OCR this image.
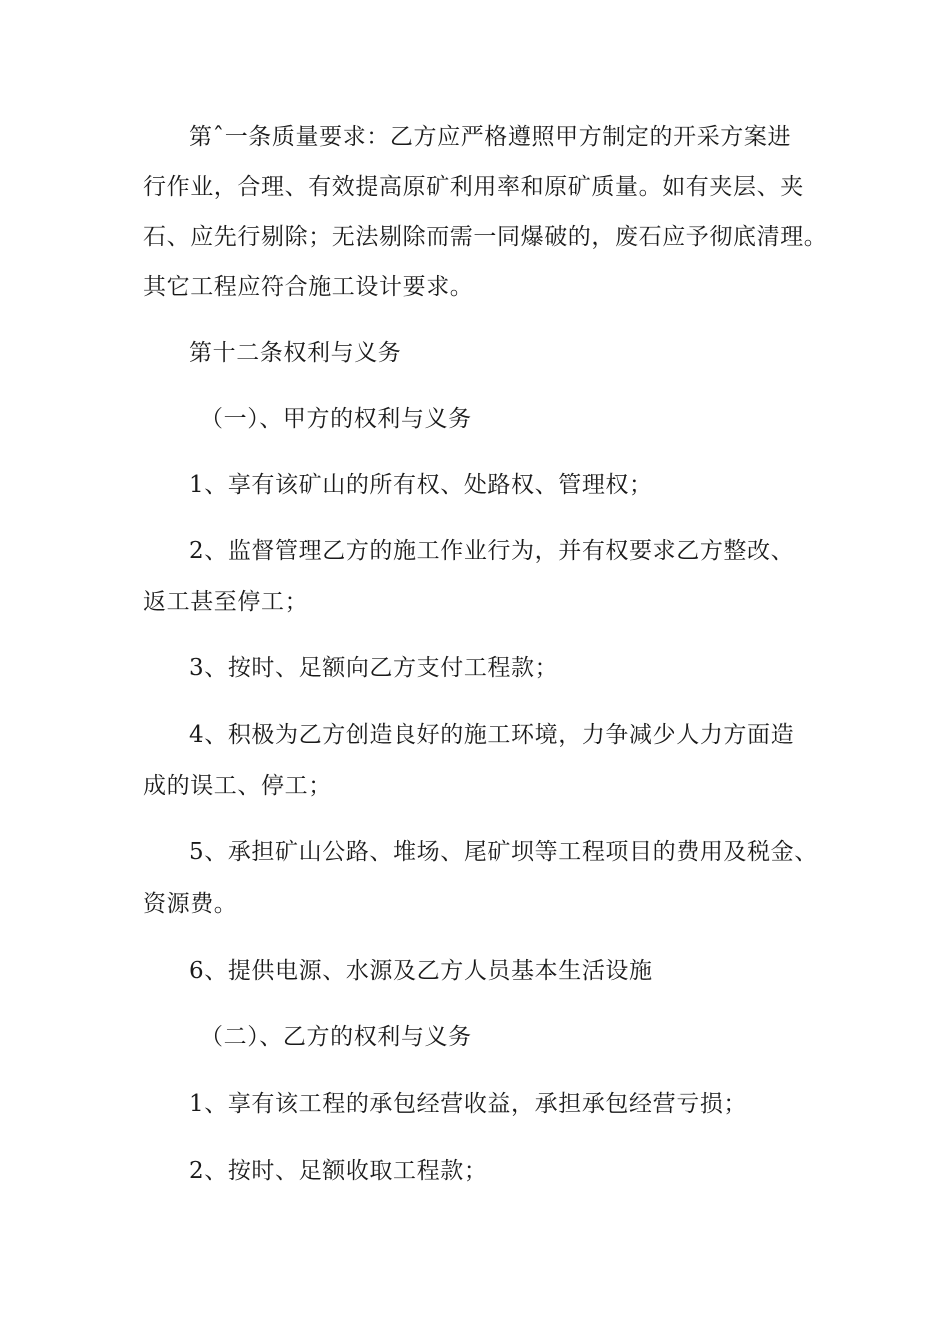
第ˆ一条质量要求：乙方应严格遵照甲方制定的开采方案进
行作业，合理、有效提高原矿利用率和原矿质量。如有夹层、夹
石、应先行剔除；无法剔除而需一同爆破的，废石应予彻底清理。
其它工程应符合施工设计要求。
第十二条权利与义务
（一）、甲方的权利与义务
1、享有该矿山的所有权、处路权、管理权；
2、监督管理乙方的施工作业行为，并有权要求乙方整改、
返工甚至停工；
3、按时、足额向乙方支付工程款；
4、积极为乙方创造良好的施工环境，力争减少人力方面造
成的误工、停工；
5、承担矿山公路、堆场、尾矿坝等工程项目的费用及税金、
资源费。
6、提供电源、水源及乙方人员基本生活设施
（二）、乙方的权利与义务
1、享有该工程的承包经营收益，承担承包经营亏损；
2、按时、足额收取工程款；
